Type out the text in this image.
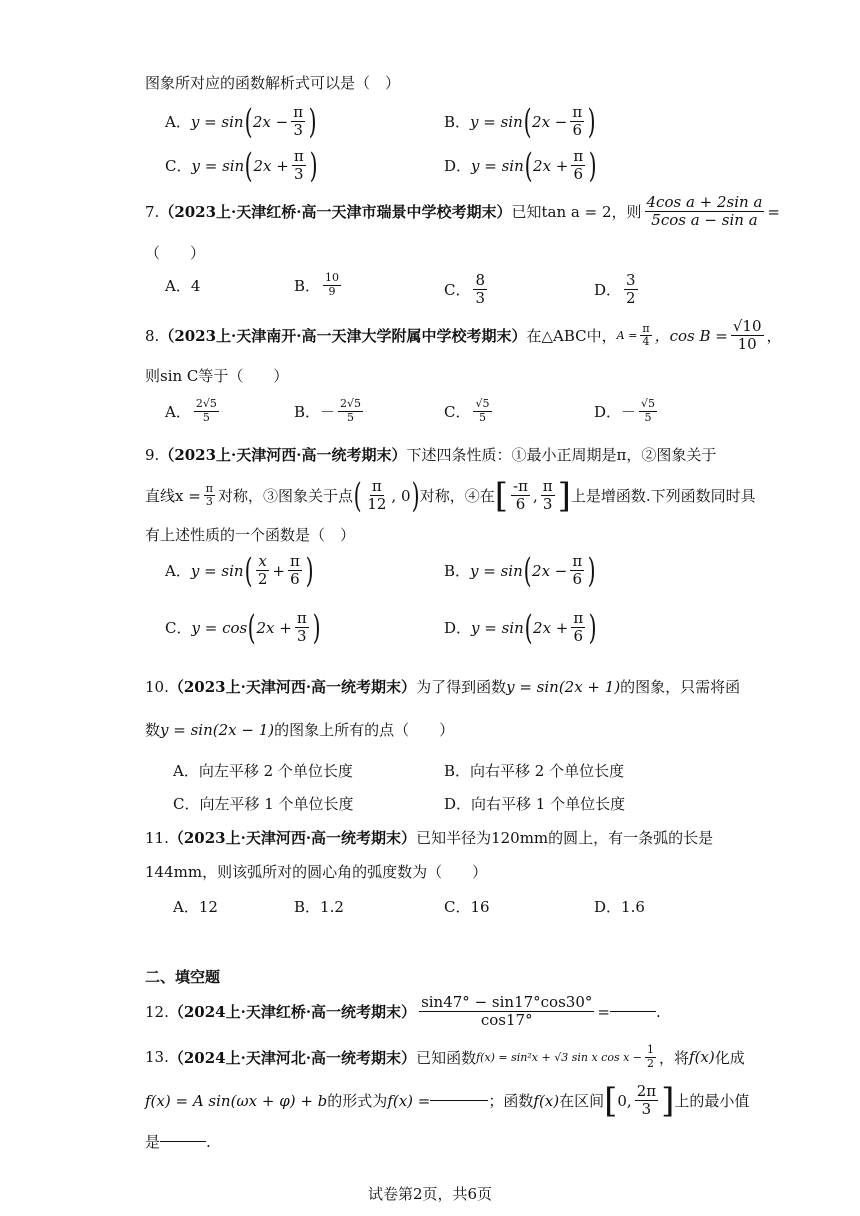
图象所对应的函数解析式可以是（　）
A． y = sin ( $2x - \frac{\pi}{3}$ )	B． y = sin ( $2x - \frac{\pi}{6}$ )
C． y = sin ( $2x + \frac{\pi}{3}$ )	D． y = sin ( $2x + \frac{\pi}{6}$ )
7. （2023上·天津红桥·高一天津市瑞景中学校考期末） 已知tan a = 2，则 $\frac{\text{4cos a + 2sin a}}{\text{5cos a − sin a}}$ =
（　　）
A．4	B． $\frac{10}{9}$	C． $\frac{8}{3}$	D． $\frac{3}{2}$
8. （2023上·天津南开·高一天津大学附属中学校考期末） 在△ABC中， $A = \frac{\pi}{4}$ ，$\cos B = \frac{√10}{10}$ ，
则sin C等于（　　）
A． $\frac{2√5}{5}$	B．－ $\frac{2√5}{5}$	C． $\frac{√5}{5}$	D．－ $\frac{√5}{5}$
9. （2023上·天津河西·高一统考期末） 下述四条性质：①最小正周期是π，②图象关于
直线$x = \frac{\pi}{3}$ 对称，③图象关于点 ( $\frac{\pi}{12}$ , 0 ) 对称，④在 [ $\frac{-\pi}{6}$ , $\frac{\pi}{3}$ ] 上是增函数.下列函数同时具
有上述性质的一个函数是（　）
A． y = sin ( $\frac{x}{2} + \frac{\pi}{6}$ )	B． y = sin ( $2x - \frac{\pi}{6}$ )
C． y = cos ( $2x + \frac{\pi}{3}$ )	D． y = sin ( $2x + \frac{\pi}{6}$ )
10. （2023上·天津河西·高一统考期末） 为了得到函数 y = sin(2x + 1) 的图象，只需将函
数 y = sin(2x − 1) 的图象上所有的点（　　）
A．向左平移 2 个单位长度	B．向右平移 2 个单位长度
C．向左平移 1 个单位长度	D．向右平移 1 个单位长度
11. （2023上·天津河西·高一统考期末） 已知半径为120mm的圆上，有一条弧的长是
144mm，则该弧所对的圆心角的弧度数为（　　）
A．12	B．1.2	C．16	D．1.6
二、填空题
12. （2024上·天津红桥·高一统考期末） $\frac{\sin 47^\circ - \sin 17^\circ\cos 30^\circ}{\cos 17^\circ}$ =	.
13. （2024上·天津河北·高一统考期末） 已知函数 f(x) = sin²x + √3 sin x $\cos x - \frac{1}{2}$ ，将 f(x) 化成
f(x) = A sin(ωx + φ) + b 的形式为 f(x) =	；函数 f(x) 在区间 [ 0, $\frac{2\pi}{3}$ ] 上的最小值
是	.
试卷第2页，共6页
